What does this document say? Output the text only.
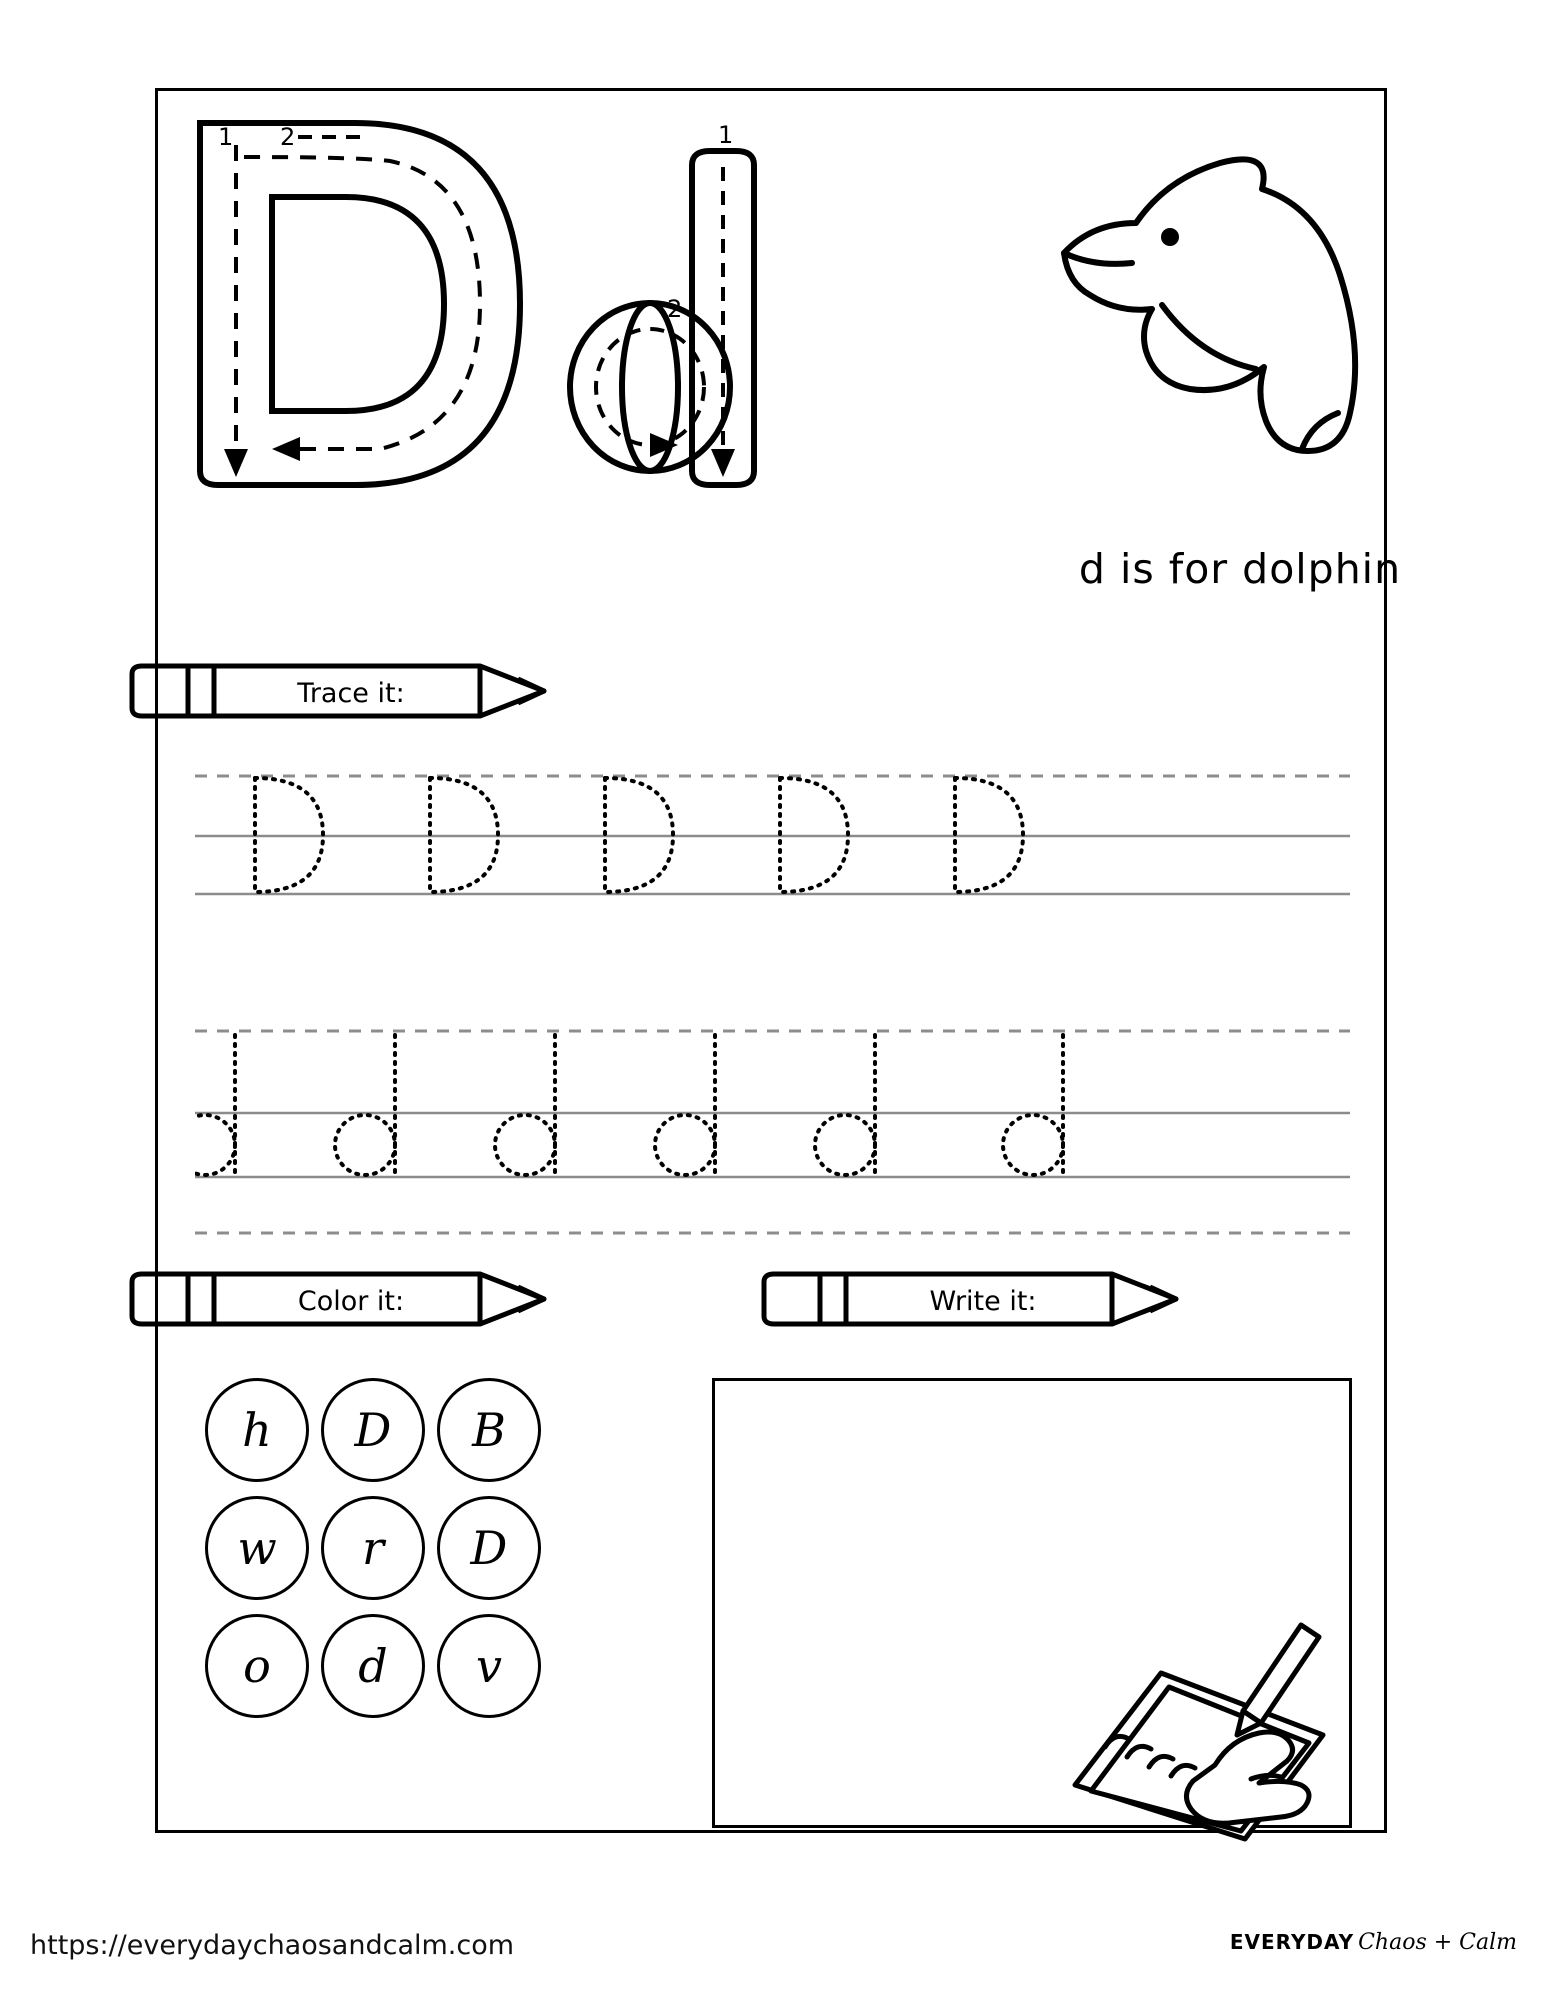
1 2	1
2
d is for dolphin
Trace it:
Color it:	Write it:
h	D	B
w	r	D
o	d	v
https://everydaychaosandcalm.com	EVERYDAY Chaos + Calm
